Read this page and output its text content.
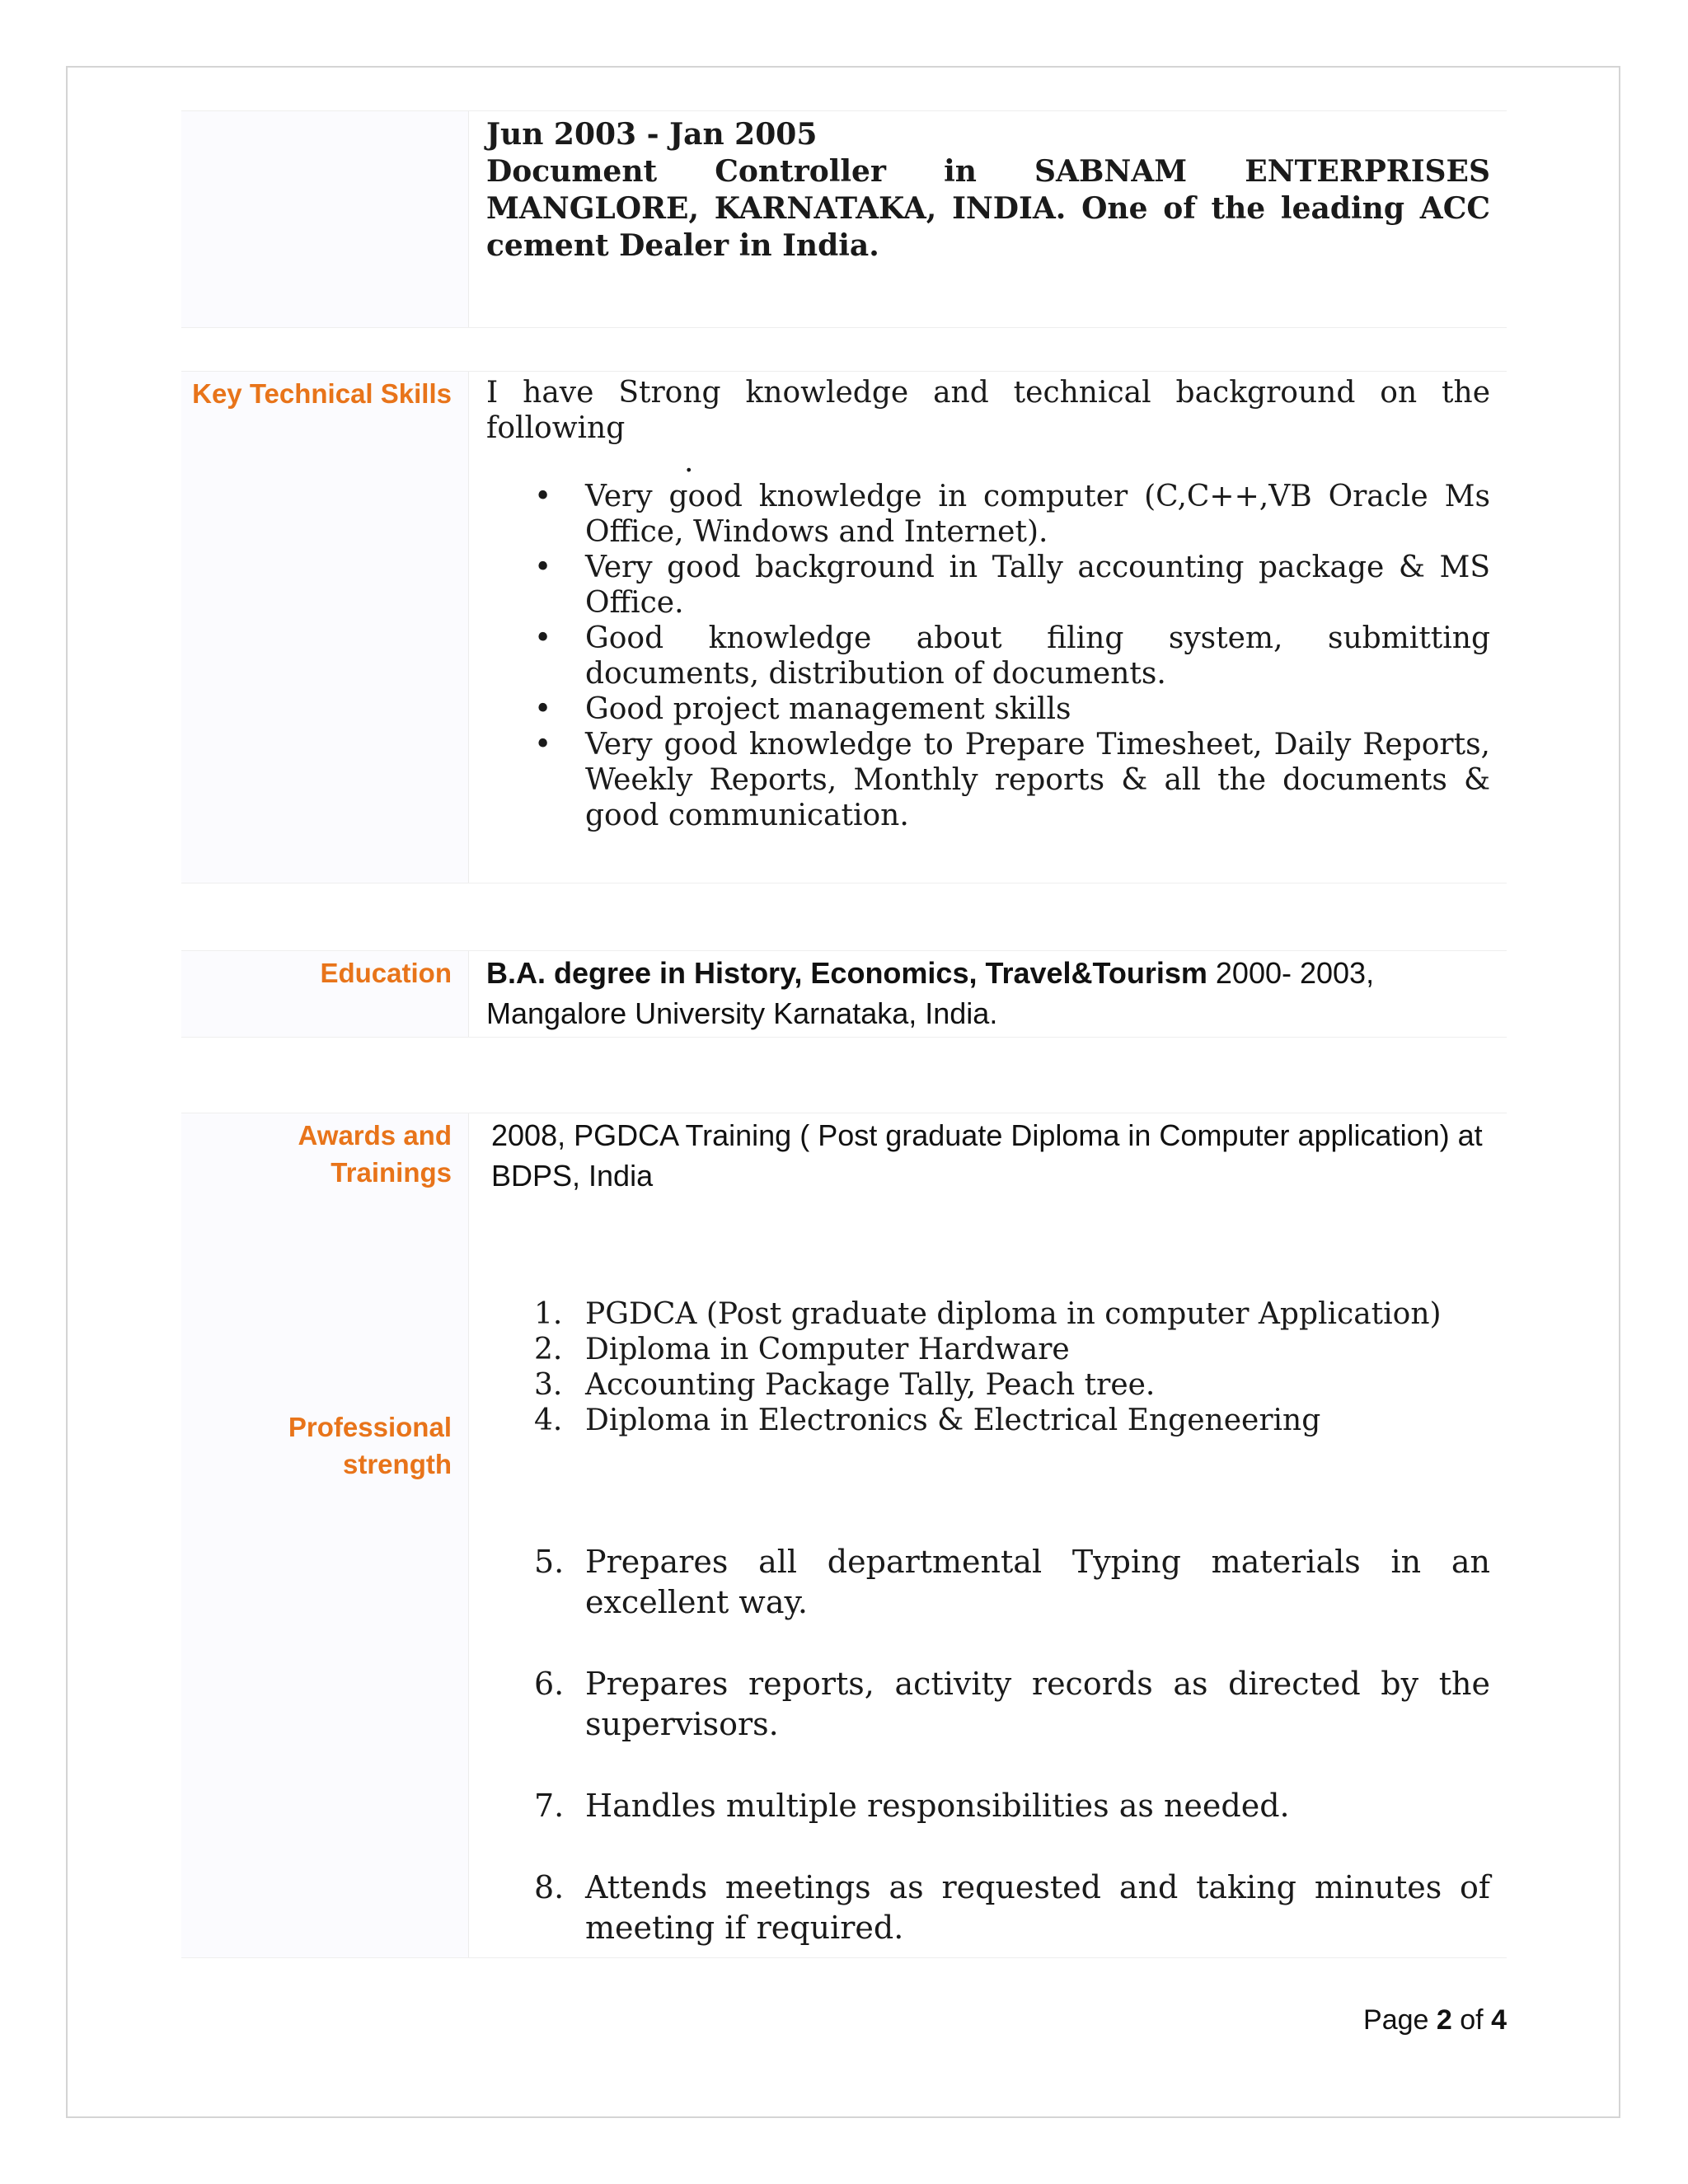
Jun 2003 - Jan 2005
Document Controller in SABNAM ENTERPRISES MANGLORE, KARNATAKA, INDIA. One of the leading ACC cement Dealer in India.
Key Technical Skills I have Strong knowledge and technical background on the following
.
• Very good knowledge in computer (C,C++,VB Oracle Ms Office, Windows and Internet).
• Very good background in Tally accounting package & MS Office.
• Good knowledge about filing system, submitting documents, distribution of documents.
• Good project management skills
• Very good knowledge to Prepare Timesheet, Daily Reports, Weekly Reports, Monthly reports & all the documents & good communication.
Education B.A. degree in History, Economics, Travel&Tourism 2000- 2003,
Mangalore University Karnataka, India.
Awards and
Trainings
Professional
strength
2008, PGDCA Training ( Post graduate Diploma in Computer application) at BDPS, India
1. PGDCA (Post graduate diploma in computer Application)
2. Diploma in Computer Hardware
3. Accounting Package Tally, Peach tree.
4. Diploma in Electronics & Electrical Engeneering
5. Prepares all departmental Typing materials in an excellent way.
6. Prepares reports, activity records as directed by the supervisors.
7. Handles multiple responsibilities as needed.
8. Attends meetings as requested and taking minutes of meeting if required.
Page 2 of 4
